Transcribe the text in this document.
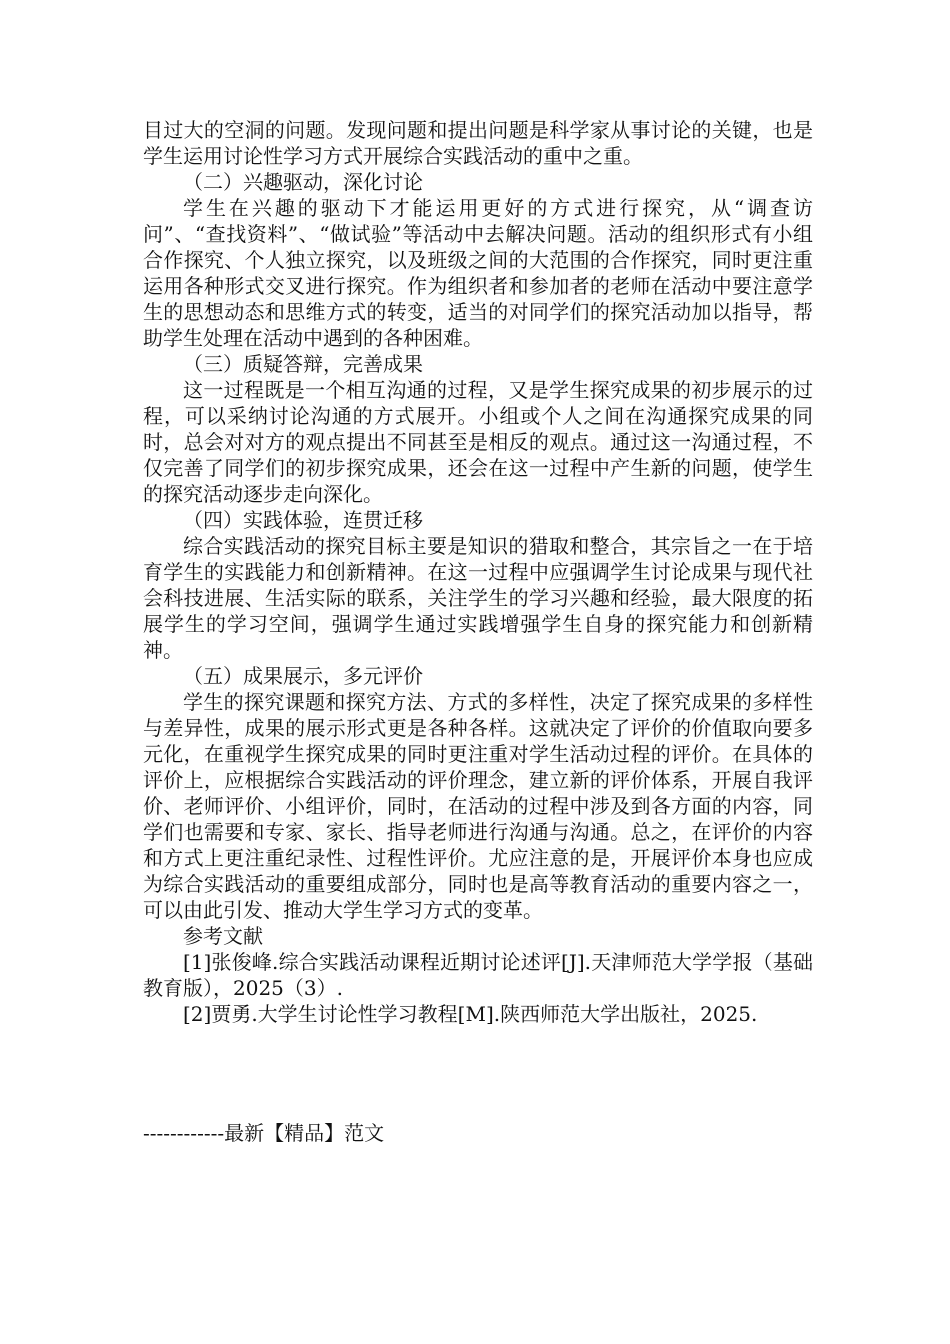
目过大的空洞的问题。发现问题和提出问题是科学家从事讨论的关键，也是学生运用讨论性学习方式开展综合实践活动的重中之重。

（二）兴趣驱动，深化讨论

学生在兴趣的驱动下才能运用更好的方式进行探究，从“调查访问”、“查找资料”、“做试验”等活动中去解决问题。活动的组织形式有小组合作探究、个人独立探究，以及班级之间的大范围的合作探究，同时更注重运用各种形式交叉进行探究。作为组织者和参加者的老师在活动中要注意学生的思想动态和思维方式的转变，适当的对同学们的探究活动加以指导，帮助学生处理在活动中遇到的各种困难。

（三）质疑答辩，完善成果

这一过程既是一个相互沟通的过程，又是学生探究成果的初步展示的过程，可以采纳讨论沟通的方式展开。小组或个人之间在沟通探究成果的同时，总会对对方的观点提出不同甚至是相反的观点。通过这一沟通过程，不仅完善了同学们的初步探究成果，还会在这一过程中产生新的问题，使学生的探究活动逐步走向深化。

（四）实践体验，连贯迁移

综合实践活动的探究目标主要是知识的猎取和整合，其宗旨之一在于培育学生的实践能力和创新精神。在这一过程中应强调学生讨论成果与现代社会科技进展、生活实际的联系，关注学生的学习兴趣和经验，最大限度的拓展学生的学习空间，强调学生通过实践增强学生自身的探究能力和创新精神。

（五）成果展示，多元评价

学生的探究课题和探究方法、方式的多样性，决定了探究成果的多样性与差异性，成果的展示形式更是各种各样。这就决定了评价的价值取向要多元化，在重视学生探究成果的同时更注重对学生活动过程的评价。在具体的评价上，应根据综合实践活动的评价理念，建立新的评价体系，开展自我评价、老师评价、小组评价，同时，在活动的过程中涉及到各方面的内容，同学们也需要和专家、家长、指导老师进行沟通与沟通。总之，在评价的内容和方式上更注重纪录性、过程性评价。尤应注意的是，开展评价本身也应成为综合实践活动的重要组成部分，同时也是高等教育活动的重要内容之一，可以由此引发、推动大学生学习方式的变革。

参考文献

[1]张俊峰.综合实践活动课程近期讨论述评[J].天津师范大学学报（基础教育版），2025（3）.

[2]贾勇.大学生讨论性学习教程[M].陕西师范大学出版社，2025.

------------最新【精品】范文
